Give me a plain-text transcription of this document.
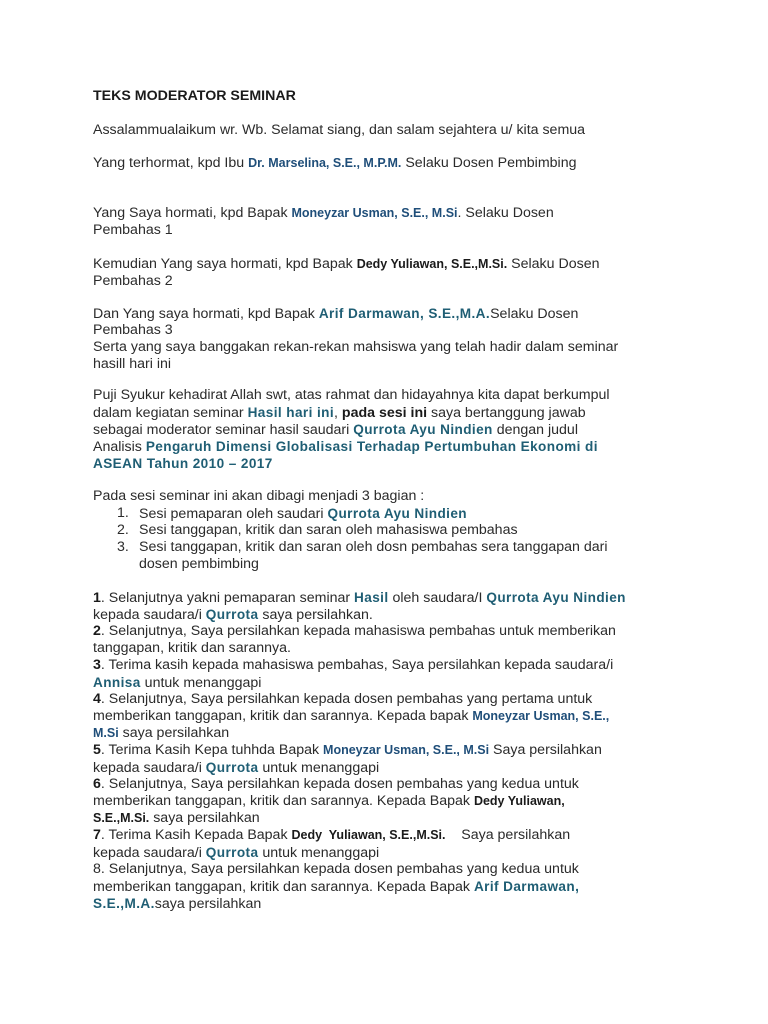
TEKS MODERATOR SEMINAR
Assalammualaikum wr. Wb. Selamat siang, dan salam sejahtera u/ kita semua
Yang terhormat, kpd Ibu Dr. Marselina, S.E., M.P.M. Selaku Dosen Pembimbing
Yang Saya hormati, kpd Bapak Moneyzar Usman, S.E., M.Si. Selaku Dosen
Pembahas 1
Kemudian Yang saya hormati, kpd Bapak Dedy Yuliawan, S.E.,M.Si. Selaku Dosen
Pembahas 2
Dan Yang saya hormati, kpd Bapak Arif Darmawan, S.E.,M.A.Selaku Dosen
Pembahas 3
Serta yang saya banggakan rekan-rekan mahsiswa yang telah hadir dalam seminar
hasill hari ini
Puji Syukur kehadirat Allah swt, atas rahmat dan hidayahnya kita dapat berkumpul
dalam kegiatan seminar Hasil hari ini, pada sesi ini saya bertanggung jawab
sebagai moderator seminar hasil saudari Qurrota Ayu Nindien dengan judul
Analisis Pengaruh Dimensi Globalisasi Terhadap Pertumbuhan Ekonomi di
ASEAN Tahun 2010 – 2017
Pada sesi seminar ini akan dibagi menjadi 3 bagian :
1. Sesi pemaparan oleh saudari Qurrota Ayu Nindien
2. Sesi tanggapan, kritik dan saran oleh mahasiswa pembahas
3. Sesi tanggapan, kritik dan saran oleh dosn pembahas sera tanggapan dari
dosen pembimbing
1. Selanjutnya yakni pemaparan seminar Hasil oleh saudara/I Qurrota Ayu Nindien
kepada saudara/i Qurrota saya persilahkan.
2. Selanjutnya, Saya persilahkan kepada mahasiswa pembahas untuk memberikan
tanggapan, kritik dan sarannya.
3. Terima kasih kepada mahasiswa pembahas, Saya persilahkan kepada saudara/i
Annisa untuk menanggapi
4. Selanjutnya, Saya persilahkan kepada dosen pembahas yang pertama untuk
memberikan tanggapan, kritik dan sarannya. Kepada bapak Moneyzar Usman, S.E.,
M.Si saya persilahkan
5. Terima Kasih Kepa tuhhda Bapak Moneyzar Usman, S.E., M.Si Saya persilahkan
kepada saudara/i Qurrota untuk menanggapi
6. Selanjutnya, Saya persilahkan kepada dosen pembahas yang kedua untuk
memberikan tanggapan, kritik dan sarannya. Kepada Bapak Dedy Yuliawan,
S.E.,M.Si. saya persilahkan
7. Terima Kasih Kepada Bapak Dedy  Yuliawan, S.E.,M.Si.    Saya persilahkan
kepada saudara/i Qurrota untuk menanggapi
8. Selanjutnya, Saya persilahkan kepada dosen pembahas yang kedua untuk
memberikan tanggapan, kritik dan sarannya. Kepada Bapak Arif Darmawan,
S.E.,M.A.saya persilahkan
